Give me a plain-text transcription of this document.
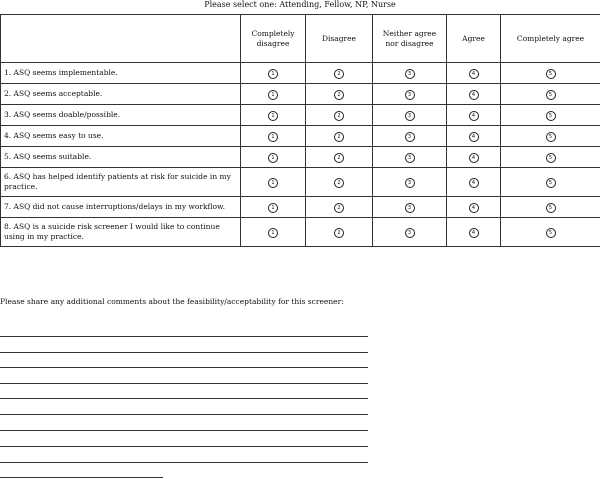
Please select one: Attending, Fellow, NP, Nurse
	Completely disagree	Disagree	Neither agree nor disagree	Agree	Completely agree
1. ASQ seems implementable.	1	2	3	4	5
2. ASQ seems acceptable.	1	2	3	4	5
3. ASQ seems doable/possible.	1	2	3	4	5
4. ASQ seems easy to use.	1	2	3	4	5
5. ASQ seems suitable.	1	2	3	4	5
6. ASQ has helped identify patients at risk for suicide in my practice.	1	2	3	4	5
7. ASQ did not cause interruptions/delays in my workflow.	1	2	3	4	5
8. ASQ is a suicide risk screener I would like to continue using in my practice.	1	2	3	4	5
Please share any additional comments about the feasibility/acceptability for this screener:
